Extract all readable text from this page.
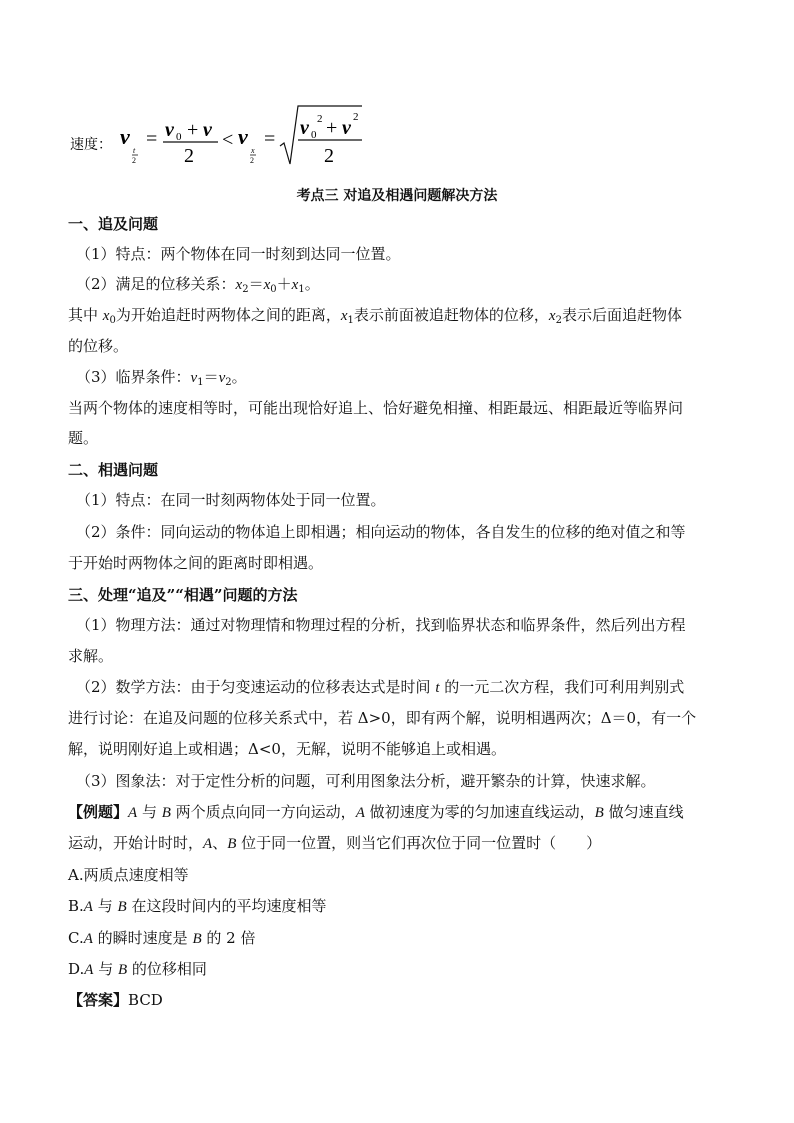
速度： v
t
2
= v 0 + v
2
< v
x
2
= v 0
2 + v 2
2
考点三 对追及相遇问题解决方法
一、追及问题
（1）特点：两个物体在同一时刻到达同一位置。
（2）满足的位移关系：$x_2=x_0+x_1$。
其中 $x_0$为开始追赶时两物体之间的距离，$x_1$表示前面被追赶物体的位移，$x_2$表示后面追赶物体
的位移。
（3）临界条件：$v_1=v_2$。
当两个物体的速度相等时，可能出现恰好追上、恰好避免相撞、相距最远、相距最近等临界问
题。
二、相遇问题
（1）特点：在同一时刻两物体处于同一位置。
（2）条件：同向运动的物体追上即相遇；相向运动的物体，各自发生的位移的绝对值之和等
于开始时两物体之间的距离时即相遇。
三、处理“追及”“相遇”问题的方法
（1）物理方法：通过对物理情和物理过程的分析，找到临界状态和临界条件，然后列出方程
求解。
（2）数学方法：由于匀变速运动的位移表达式是时间 t 的一元二次方程，我们可利用判别式
进行讨论：在追及问题的位移关系式中，若 Δ>0，即有两个解，说明相遇两次；Δ＝0，有一个
解，说明刚好追上或相遇；Δ<0，无解，说明不能够追上或相遇。
（3）图象法：对于定性分析的问题，可利用图象法分析，避开繁杂的计算，快速求解。
【例题】A 与 B 两个质点向同一方向运动，A 做初速度为零的匀加速直线运动，B 做匀速直线
运动，开始计时时，A、B 位于同一位置，则当它们再次位于同一位置时（　　）
A.两质点速度相等
B.A 与 B 在这段时间内的平均速度相等
C.A 的瞬时速度是 B 的 2 倍
D.A 与 B 的位移相同
【答案】BCD
